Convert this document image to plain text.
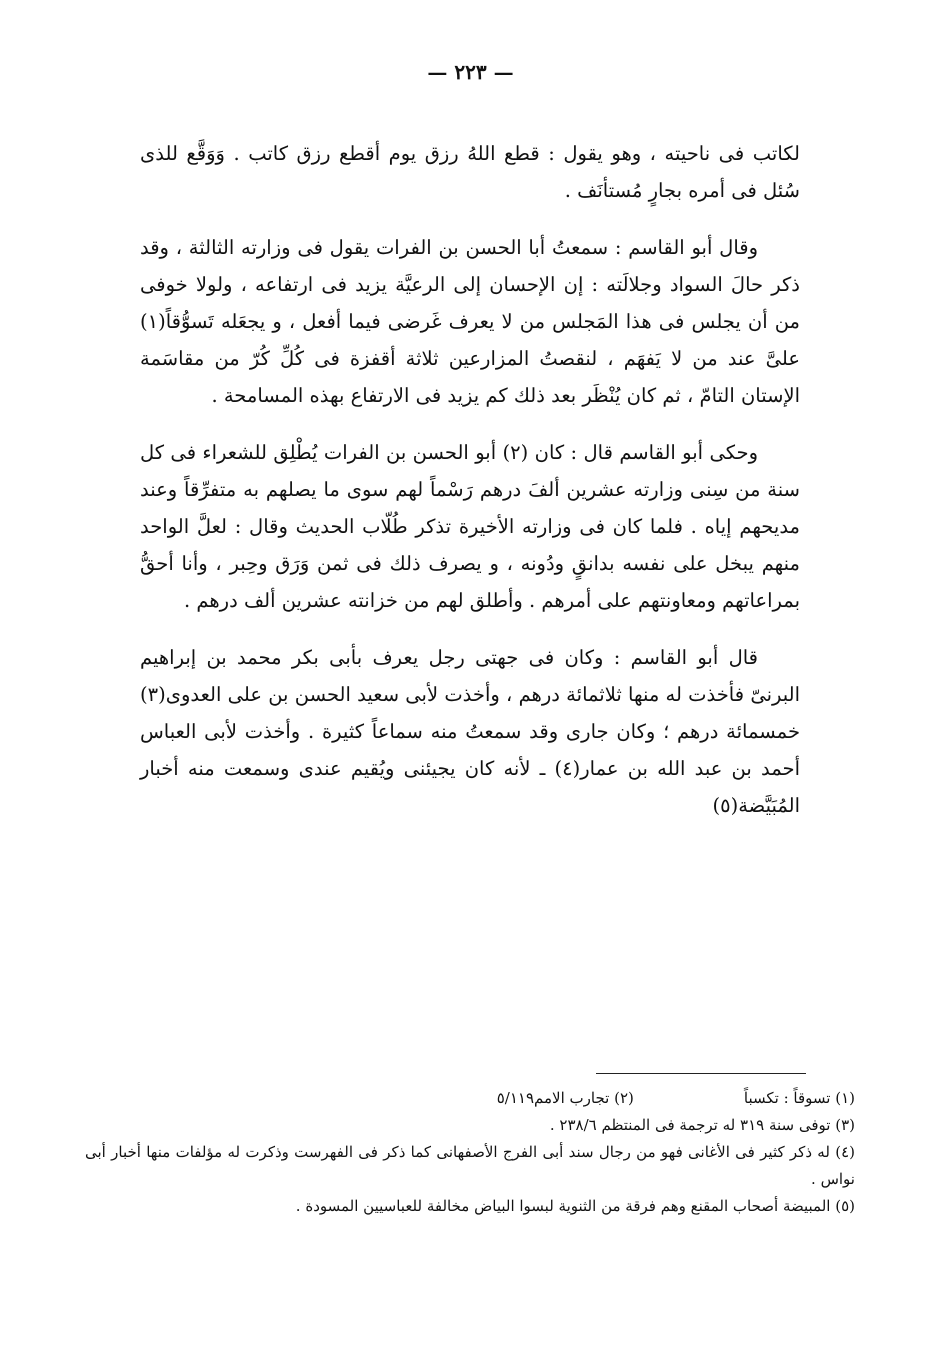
— ٢٢٣ —

لكاتب فى ناحيته ، وهو يقول : قطع اللهُ رزق يوم أقطع رزق كاتب . وَوَقَّع للذى سُئل فى أمره بجارٍ مُستأنَف .

وقال أبو القاسم : سمعتُ أبا الحسن بن الفرات يقول فى وزارته الثالثة ، وقد ذكر حالَ السواد وجلالَته : إن الإحسان إلى الرعيَّة يزيد فى ارتفاعه ، ولولا خوفى من أن يجلس فى هذا المَجلس من لا يعرف غَرضى فيما أفعل ، و يجعَله تَسوُّقاً(١) علىَّ عند من لا يَفهَم ، لنقصتُ المزارعين ثلاثة أقفزة فى كُلِّ كُرّ من مقاسَمة الإستان التامّ ، ثم كان يُنْظَر بعد ذلك كم يزيد فى الارتفاع بهذه المسامحة .

وحكى أبو القاسم قال : كان (٢) أبو الحسن بن الفرات يُطْلِق للشعراء فى كل سنة من سِنى وزارته عشرين ألفَ درهم رَسْماً لهم سوى ما يصلهم به متفرِّقاً وعند مديحهم إياه . فلما كان فى وزارته الأخيرة تذكر طُلّاب الحديث وقال : لعلَّ الواحد منهم يبخل على نفسه بدانقٍ ودُونه ، و يصرف ذلك فى ثمن وَرَق وحِبر ، وأنا أحقُّ بمراعاتهم ومعاونتهم على أمرهم . وأطلق لهم من خزانته عشرين ألف درهم .

قال أبو القاسم : وكان فى جهتى رجل يعرف بأبى بكر محمد بن إبراهيم البرنىّ فأخذت له منها ثلاثمائة درهم ، وأخذت لأبى سعيد الحسن بن على العدوى(٣) خمسمائة درهم ؛ وكان جارى وقد سمعتُ منه سماعاً كثيرة . وأخذت لأبى العباس أحمد بن عبد الله بن عمار(٤) ـ لأنه كان يجيئنى ويُقيم عندى وسمعت منه أخبار المُبَيَّضة(٥)

(١) تسوقاً : تكسباً

(٢) تجارب الامم٥/١١٩

(٣) توفى سنة ٣١٩ له ترجمة فى المنتظم ٢٣٨/٦ .

(٤) له ذكر كثير فى الأغانى فهو من رجال سند أبى الفرج الأصفهانى كما ذكر فى الفهرست وذكرت له مؤلفات منها أخبار أبى نواس .

(٥) المبيضة أصحاب المقنع وهم فرقة من الثنوية لبسوا البياض مخالفة للعباسيين المسودة .
